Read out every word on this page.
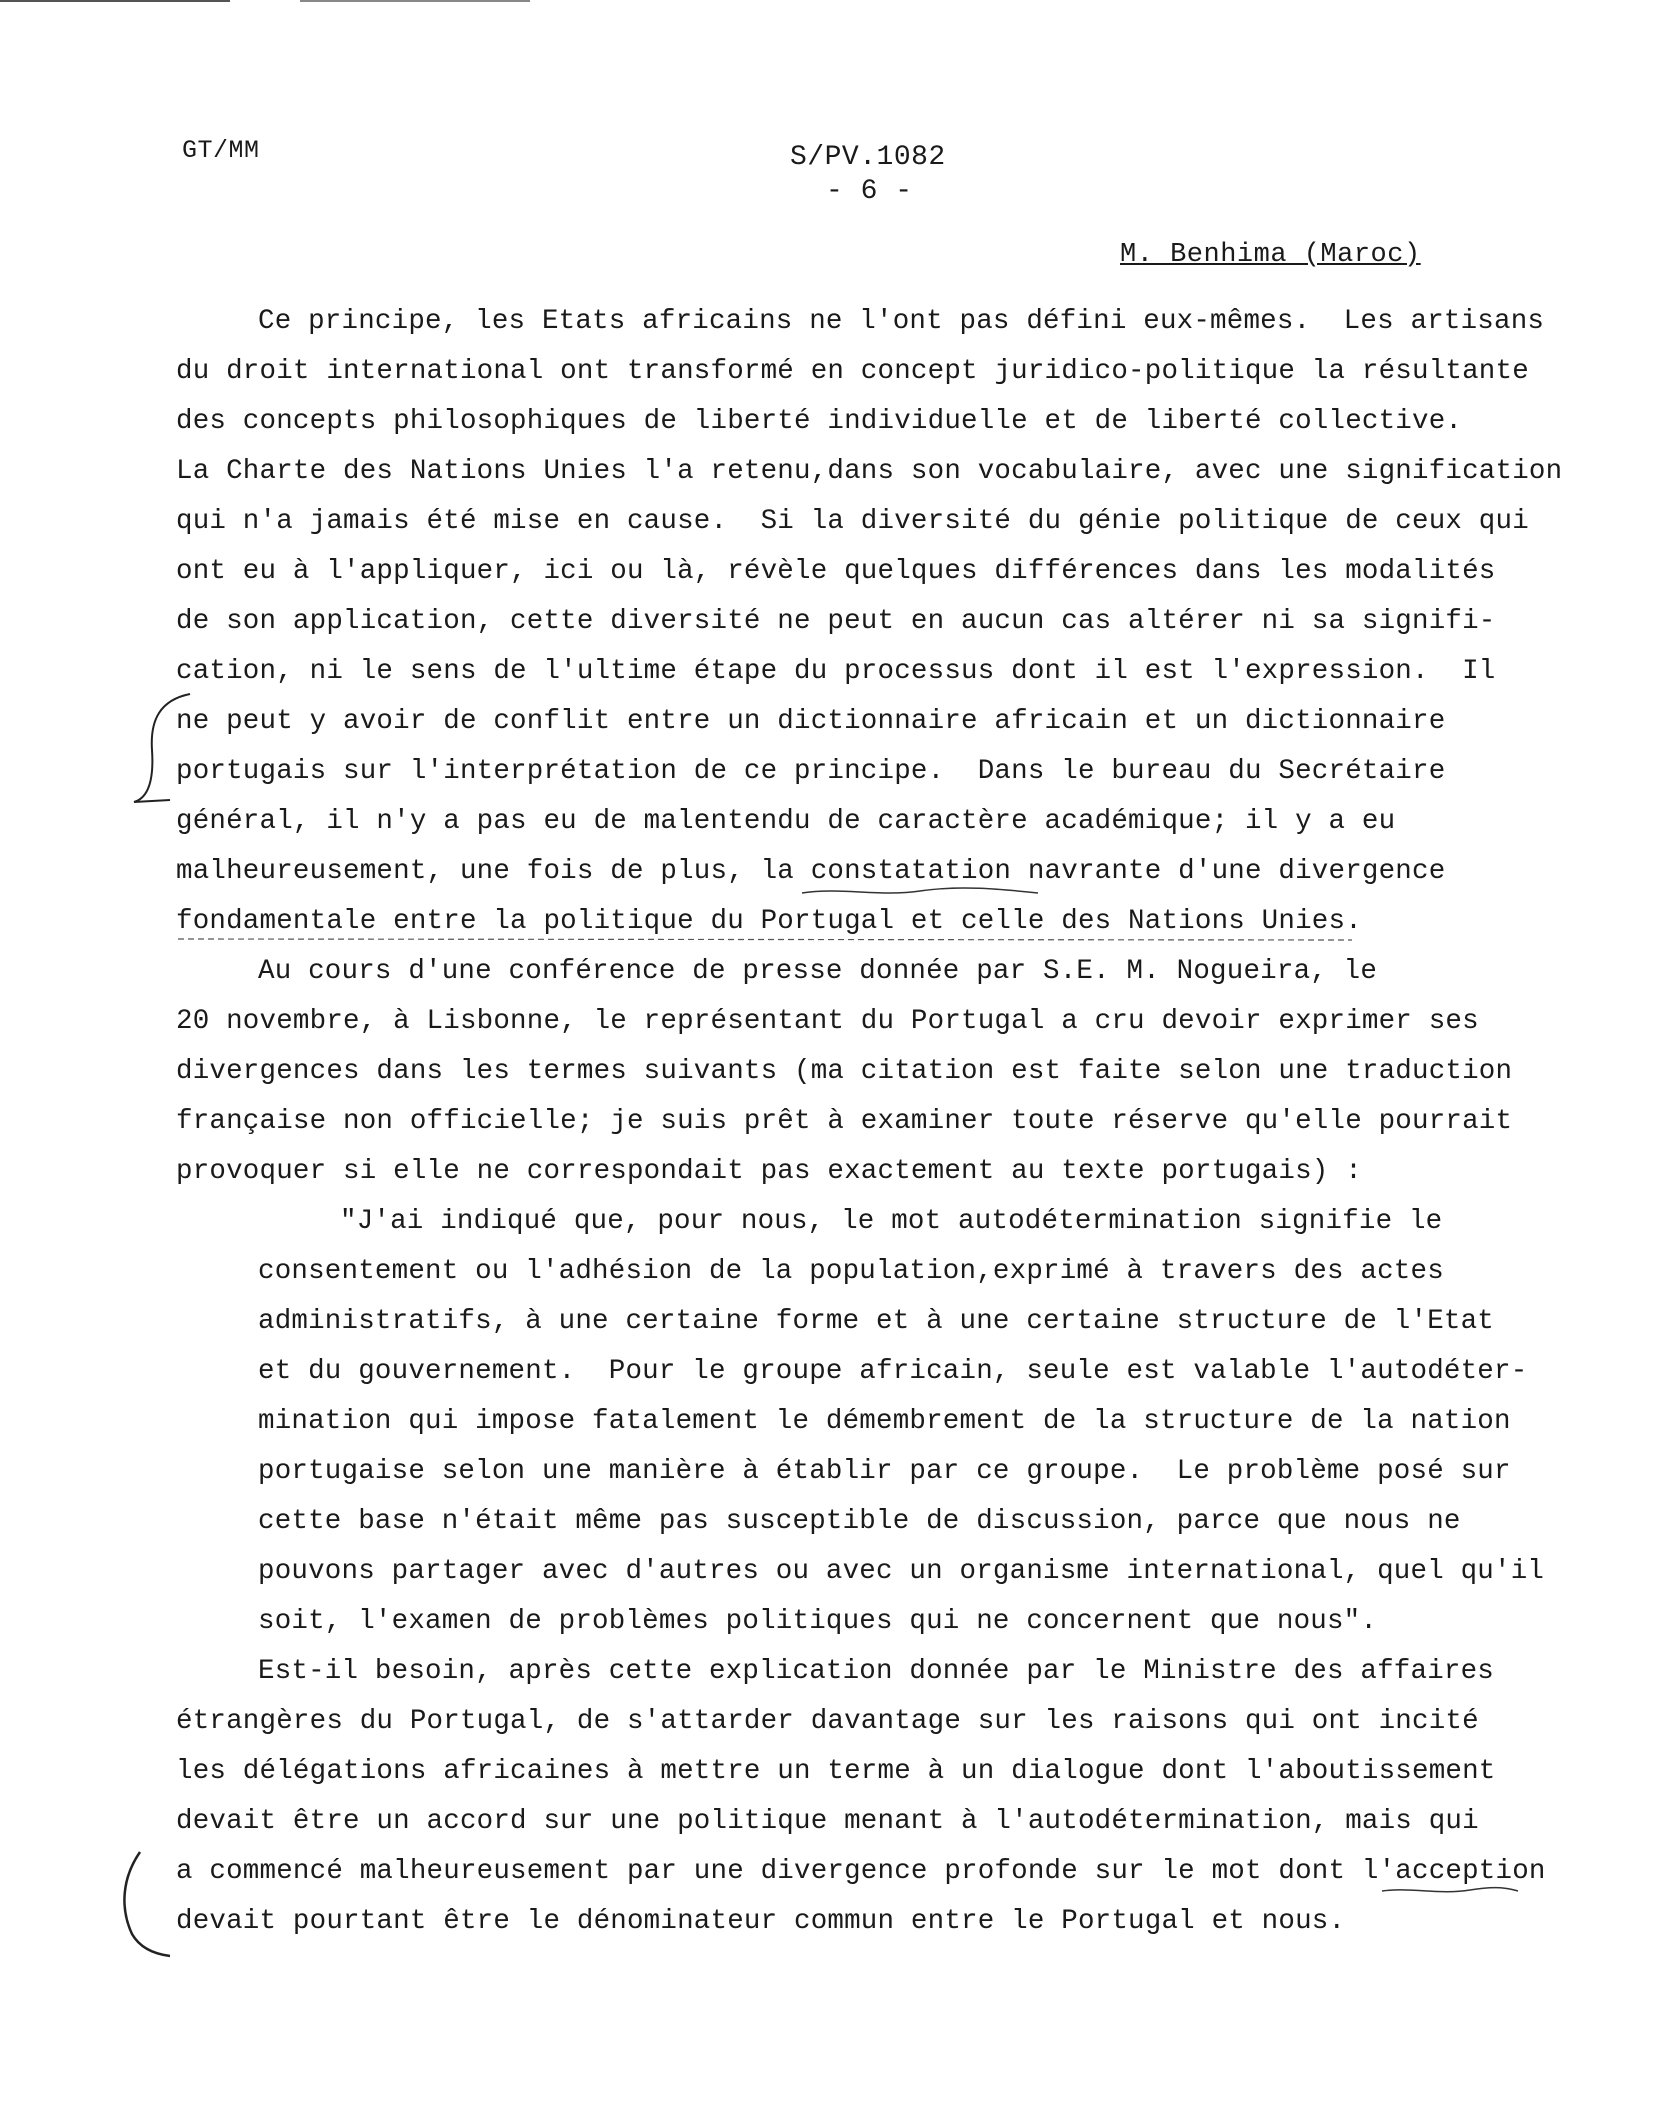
GT/MM	S/PV.1082
- 6 -
M. Benhima (Maroc)
Ce principe, les Etats africains ne l'ont pas défini eux-mêmes.  Les artisans
du droit international ont transformé en concept juridico-politique la résultante
des concepts philosophiques de liberté individuelle et de liberté collective.
La Charte des Nations Unies l'a retenu,dans son vocabulaire, avec une signification
qui n'a jamais été mise en cause.  Si la diversité du génie politique de ceux qui
ont eu à l'appliquer, ici ou là, révèle quelques différences dans les modalités
de son application, cette diversité ne peut en aucun cas altérer ni sa signifi-
cation, ni le sens de l'ultime étape du processus dont il est l'expression.  Il
ne peut y avoir de conflit entre un dictionnaire africain et un dictionnaire
portugais sur l'interprétation de ce principe.  Dans le bureau du Secrétaire
général, il n'y a pas eu de malentendu de caractère académique; il y a eu
malheureusement, une fois de plus, la constatation navrante d'une divergence
fondamentale entre la politique du Portugal et celle des Nations Unies.
Au cours d'une conférence de presse donnée par S.E. M. Nogueira, le
20 novembre, à Lisbonne, le représentant du Portugal a cru devoir exprimer ses
divergences dans les termes suivants (ma citation est faite selon une traduction
française non officielle; je suis prêt à examiner toute réserve qu'elle pourrait
provoquer si elle ne correspondait pas exactement au texte portugais) :
"J'ai indiqué que, pour nous, le mot autodétermination signifie le
consentement ou l'adhésion de la population,exprimé à travers des actes
administratifs, à une certaine forme et à une certaine structure de l'Etat
et du gouvernement.  Pour le groupe africain, seule est valable l'autodéter-
mination qui impose fatalement le démembrement de la structure de la nation
portugaise selon une manière à établir par ce groupe.  Le problème posé sur
cette base n'était même pas susceptible de discussion, parce que nous ne
pouvons partager avec d'autres ou avec un organisme international, quel qu'il
soit, l'examen de problèmes politiques qui ne concernent que nous".
Est-il besoin, après cette explication donnée par le Ministre des affaires
étrangères du Portugal, de s'attarder davantage sur les raisons qui ont incité
les délégations africaines à mettre un terme à un dialogue dont l'aboutissement
devait être un accord sur une politique menant à l'autodétermination, mais qui
a commencé malheureusement par une divergence profonde sur le mot dont l'acception
devait pourtant être le dénominateur commun entre le Portugal et nous.
